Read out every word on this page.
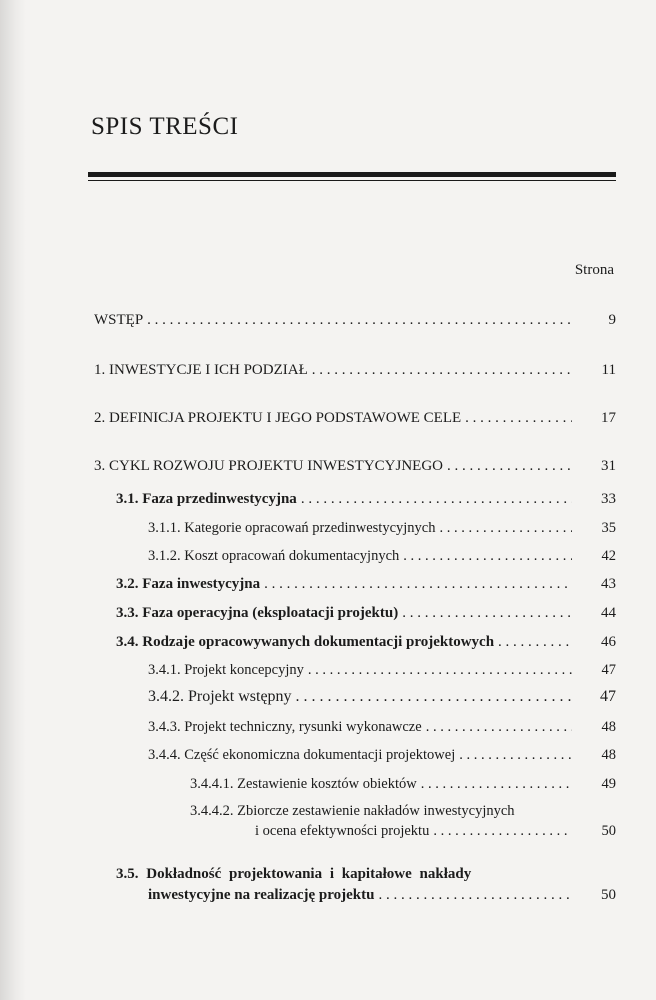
SPIS TREŚCI
Strona
WSTĘP . . .	9
1. INWESTYCJE I ICH PODZIAŁ . . .	11
2. DEFINICJA PROJEKTU I JEGO PODSTAWOWE CELE . . .	17
3. CYKL ROZWOJU PROJEKTU INWESTYCYJNEGO . . .	31
3.1. Faza przedinwestycyjna . . .	33
3.1.1. Kategorie opracowań przedinwestycyjnych . . .	35
3.1.2. Koszt opracowań dokumentacyjnych . . .	42
3.2. Faza inwestycyjna . . .	43
3.3. Faza operacyjna (eksploatacji projektu) . . .	44
3.4. Rodzaje opracowywanych dokumentacji projektowych . . .	46
3.4.1. Projekt koncepcyjny . . .	47
3.4.2. Projekt wstępny . . .	47
3.4.3. Projekt techniczny, rysunki wykonawcze . . .	48
3.4.4. Część ekonomiczna dokumentacji projektowej . . .	48
3.4.4.1. Zestawienie kosztów obiektów . . .	49
3.4.4.2. Zbiorcze zestawienie nakładów inwestycyjnych
i ocena efektywności projektu . . .	50
3.5. Dokładność projektowania i kapitałowe nakłady
inwestycyjne na realizację projektu . . .	50
